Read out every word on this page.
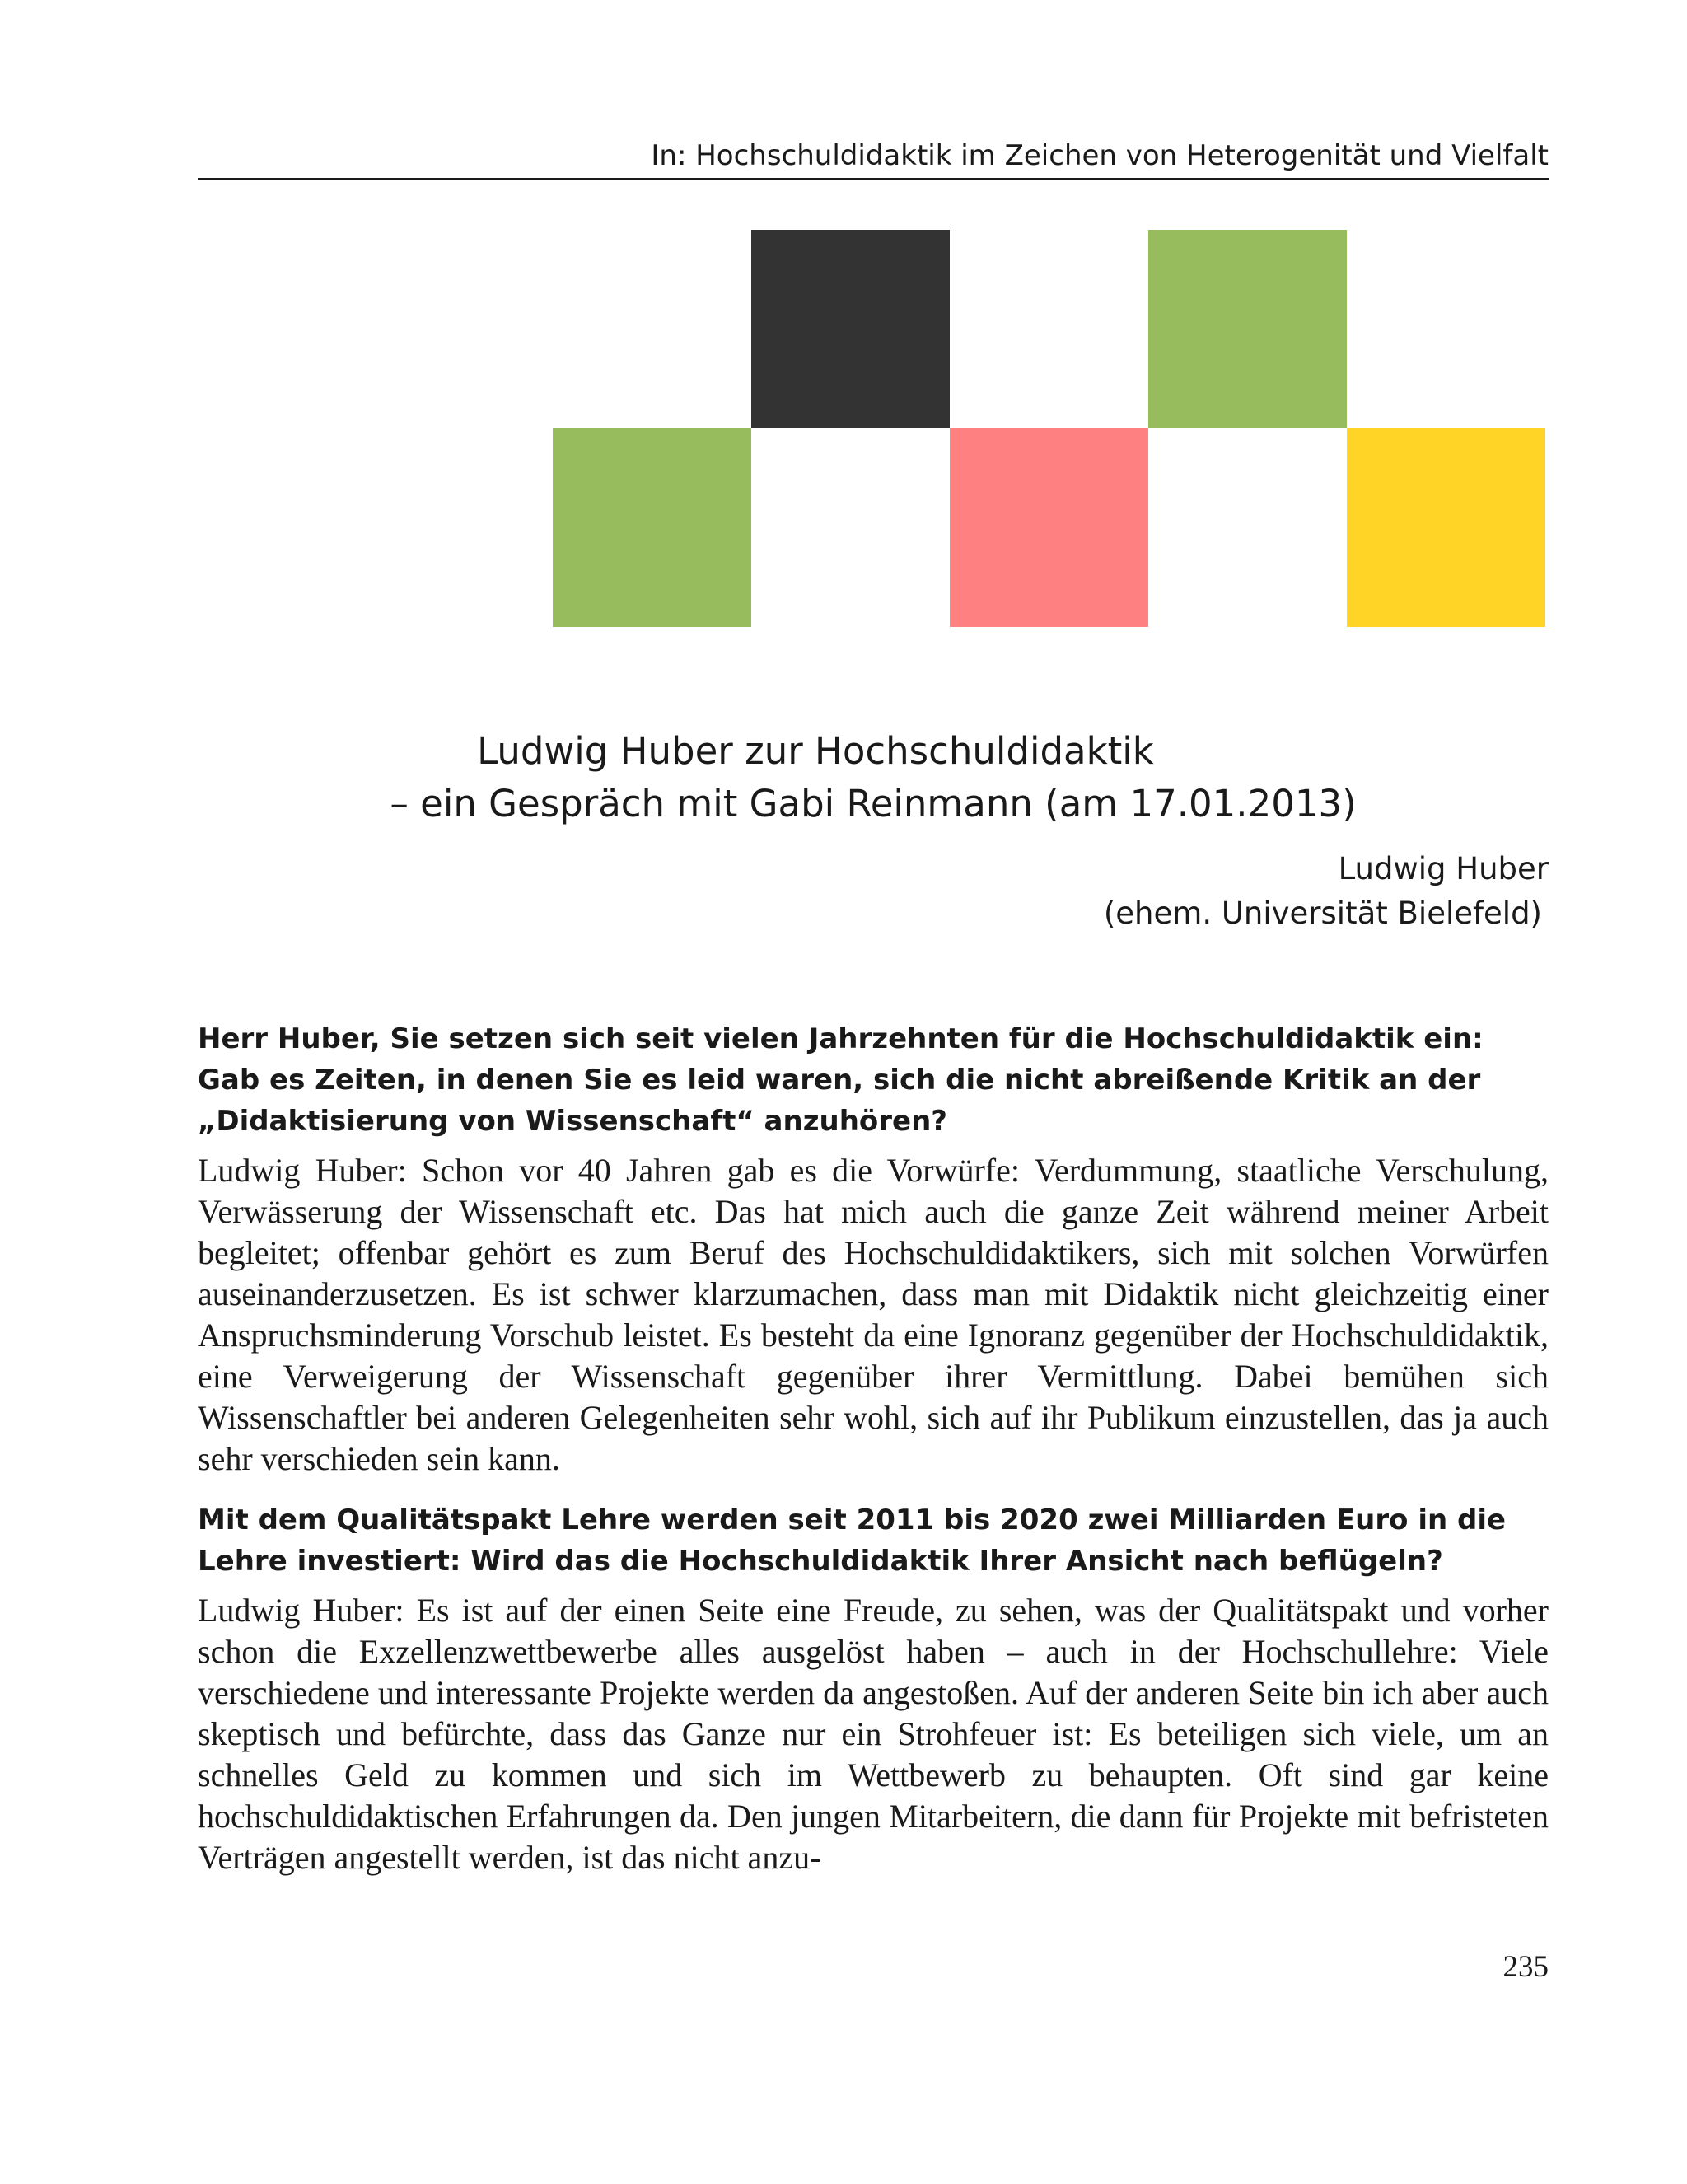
In: Hochschuldidaktik im Zeichen von Heterogenität und Vielfalt
Ludwig Huber zur Hochschuldidaktik
– ein Gespräch mit Gabi Reinmann (am 17.01.2013)
Ludwig Huber
(ehem. Universität Bielefeld)

Herr Huber, Sie setzen sich seit vielen Jahrzehnten für die Hochschuldidaktik ein: Gab es Zeiten, in denen Sie es leid waren, sich die nicht abreißende Kritik an der „Didaktisierung von Wissenschaft“ anzuhören?

Ludwig Huber: Schon vor 40 Jahren gab es die Vorwürfe: Verdummung, staatliche Verschulung, Verwässerung der Wissenschaft etc. Das hat mich auch die ganze Zeit während meiner Arbeit begleitet; offenbar gehört es zum Beruf des Hochschuldidaktikers, sich mit solchen Vorwürfen auseinanderzusetzen. Es ist schwer klarzumachen, dass man mit Didaktik nicht gleichzeitig einer Anspruchsminderung Vorschub leistet. Es besteht da eine Ignoranz gegenüber der Hochschuldidaktik, eine Verweigerung der Wissenschaft gegenüber ihrer Vermittlung. Dabei bemühen sich Wissenschaftler bei anderen Gelegenheiten sehr wohl, sich auf ihr Publikum einzustellen, das ja auch sehr verschieden sein kann.

Mit dem Qualitätspakt Lehre werden seit 2011 bis 2020 zwei Milliarden Euro in die Lehre investiert: Wird das die Hochschuldidaktik Ihrer Ansicht nach beflügeln?

Ludwig Huber: Es ist auf der einen Seite eine Freude, zu sehen, was der Qualitätspakt und vorher schon die Exzellenzwettbewerbe alles ausgelöst haben – auch in der Hochschullehre: Viele verschiedene und interessante Projekte werden da angestoßen. Auf der anderen Seite bin ich aber auch skeptisch und befürchte, dass das Ganze nur ein Strohfeuer ist: Es beteiligen sich viele, um an schnelles Geld zu kommen und sich im Wettbewerb zu behaupten. Oft sind gar keine hochschuldidaktischen Erfahrungen da. Den jungen Mitarbeitern, die dann für Projekte mit befristeten Verträgen angestellt werden, ist das nicht anzu-

235
